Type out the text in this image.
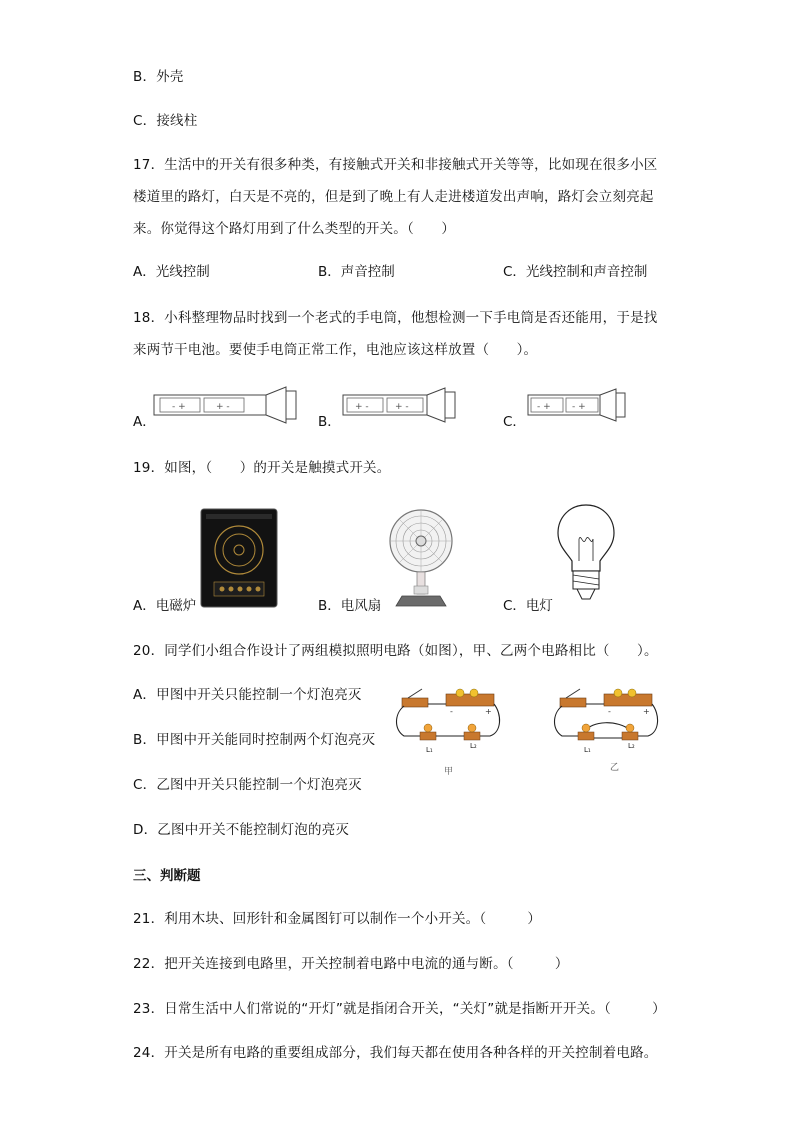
B．外壳
C．接线柱
17．生活中的开关有很多种类，有接触式开关和非接触式开关等等，比如现在很多小区
楼道里的路灯，白天是不亮的，但是到了晚上有人走进楼道发出声响，路灯会立刻亮起
来。你觉得这个路灯用到了什么类型的开关。（　　）
A．光线控制	B．声音控制	C．光线控制和声音控制
18．小科整理物品时找到一个老式的手电筒，他想检测一下手电筒是否还能用，于是找
来两节干电池。要使手电筒正常工作，电池应该这样放置（　　）。
A．
- +	+ -
B．
+ -	+ -
C．
- + - +
19．如图，（　　）的开关是触摸式开关。
A．电磁炉	B．电风扇	C．电灯
20．同学们小组合作设计了两组模拟照明电路（如图），甲、乙两个电路相比（　　）。
A．甲图中开关只能控制一个灯泡亮灭
B．甲图中开关能同时控制两个灯泡亮灭
C．乙图中开关只能控制一个灯泡亮灭
D．乙图中开关不能控制灯泡的亮灭
-	+
L₁	L₂
甲
-	+
L₁	L₂
乙
三、判断题
21．利用木块、回形针和金属图钉可以制作一个小开关。（　　　）
22．把开关连接到电路里，开关控制着电路中电流的通与断。（　　　）
23．日常生活中人们常说的“开灯”就是指闭合开关，“关灯”就是指断开开关。（　　　）
24．开关是所有电路的重要组成部分，我们每天都在使用各种各样的开关控制着电路。
